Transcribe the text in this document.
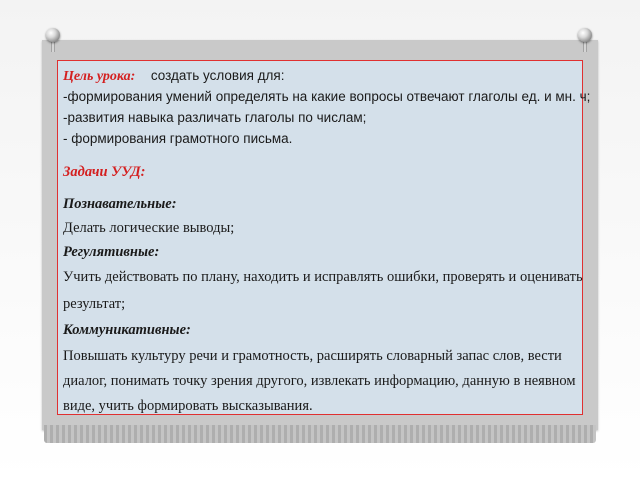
Цель урока: создать условия для:
-формирования умений определять на какие вопросы отвечают глаголы ед. и мн. ч;
-развития навыка различать глаголы по числам;
- формирования грамотного письма.
Задачи УУД:
Познавательные:
Делать логические выводы;
Регулятивные:
Учить действовать по плану, находить и исправлять ошибки, проверять и оценивать
результат;
Коммуникативные:
Повышать культуру речи и грамотность, расширять словарный запас слов, вести
диалог, понимать точку зрения другого, извлекать информацию, данную в неявном
виде, учить формировать высказывания.
